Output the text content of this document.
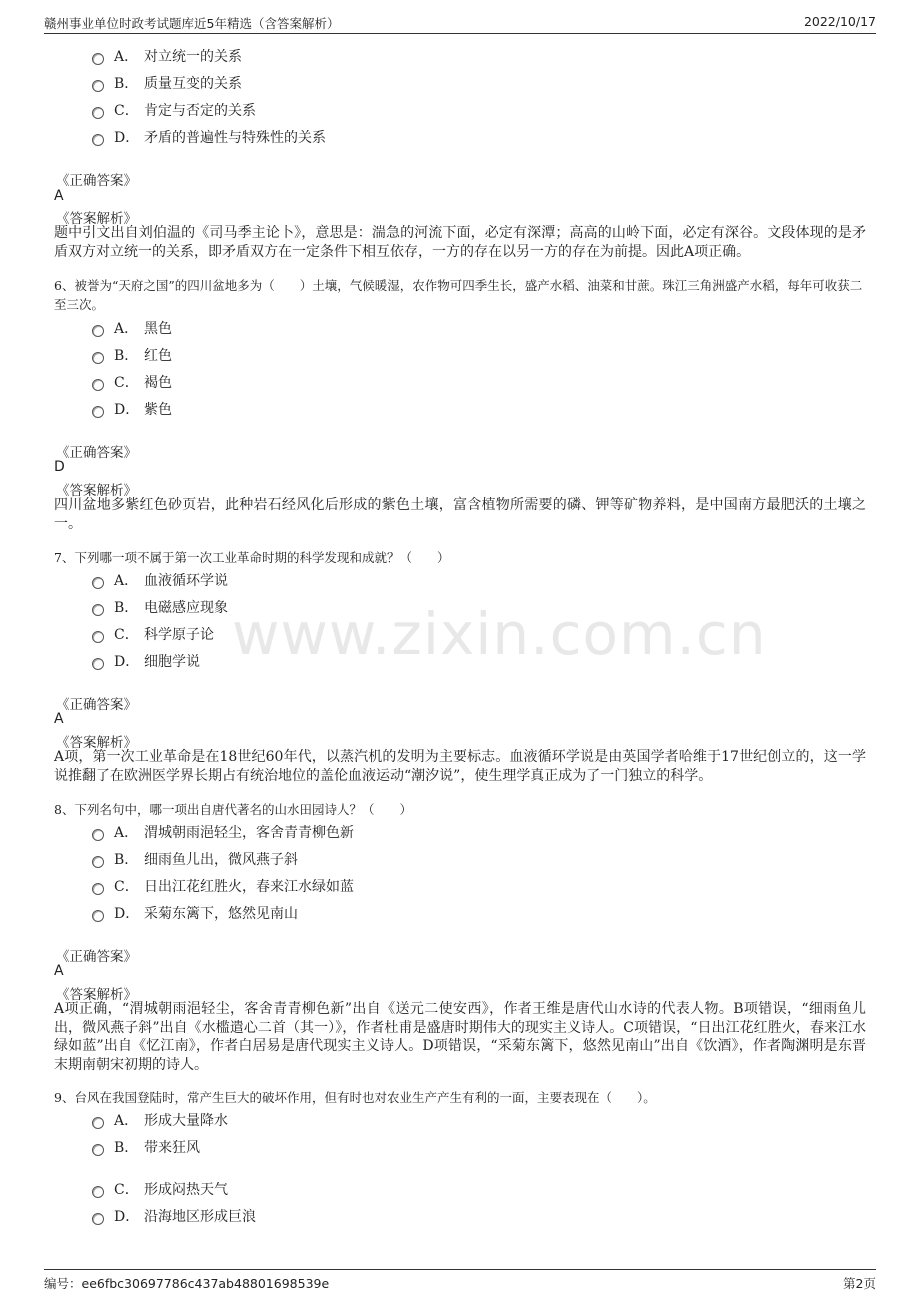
赣州事业单位时政考试题库近5年精选（含答案解析）	2022/10/17
www.zixin.com.cn
A． 对立统一的关系
B． 质量互变的关系
C． 肯定与否定的关系
D． 矛盾的普遍性与特殊性的关系
《正确答案》
A
《答案解析》
题中引文出自刘伯温的《司马季主论卜》，意思是：湍急的河流下面，必定有深潭；高高的山岭下面，必定有深谷。文段体现的是矛盾双方对立统一的关系，即矛盾双方在一定条件下相互依存，一方的存在以另一方的存在为前提。因此A项正确。
6、被誉为“天府之国”的四川盆地多为（　　）土壤，气候暖湿，农作物可四季生长，盛产水稻、油菜和甘蔗。珠江三角洲盛产水稻，每年可收获二至三次。
A． 黑色
B． 红色
C． 褐色
D． 紫色
《正确答案》
D
《答案解析》
四川盆地多紫红色砂页岩，此种岩石经风化后形成的紫色土壤，富含植物所需要的磷、钾等矿物养料，是中国南方最肥沃的土壤之一。
7、下列哪一项不属于第一次工业革命时期的科学发现和成就？（　　）
A． 血液循环学说
B． 电磁感应现象
C． 科学原子论
D． 细胞学说
《正确答案》
A
《答案解析》
A项，第一次工业革命是在18世纪60年代，以蒸汽机的发明为主要标志。血液循环学说是由英国学者哈维于17世纪创立的，这一学说推翻了在欧洲医学界长期占有统治地位的盖伦血液运动“潮汐说”，使生理学真正成为了一门独立的科学。
8、下列名句中，哪一项出自唐代著名的山水田园诗人？（　　）
A． 渭城朝雨浥轻尘，客舍青青柳色新
B． 细雨鱼儿出，微风燕子斜
C． 日出江花红胜火，春来江水绿如蓝
D． 采菊东篱下，悠然见南山
《正确答案》
A
《答案解析》
A项正确，“渭城朝雨浥轻尘，客舍青青柳色新”出自《送元二使安西》，作者王维是唐代山水诗的代表人物。B项错误，“细雨鱼儿出，微风燕子斜”出自《水槛遣心二首（其一）》，作者杜甫是盛唐时期伟大的现实主义诗人。C项错误，“日出江花红胜火，春来江水绿如蓝”出自《忆江南》，作者白居易是唐代现实主义诗人。D项错误，“采菊东篱下，悠然见南山”出自《饮酒》，作者陶渊明是东晋末期南朝宋初期的诗人。
9、台风在我国登陆时，常产生巨大的破坏作用，但有时也对农业生产产生有利的一面，主要表现在（　　）。
A． 形成大量降水
B． 带来狂风
C． 形成闷热天气
D． 沿海地区形成巨浪
编号：ee6fbc30697786c437ab48801698539e	第2页
